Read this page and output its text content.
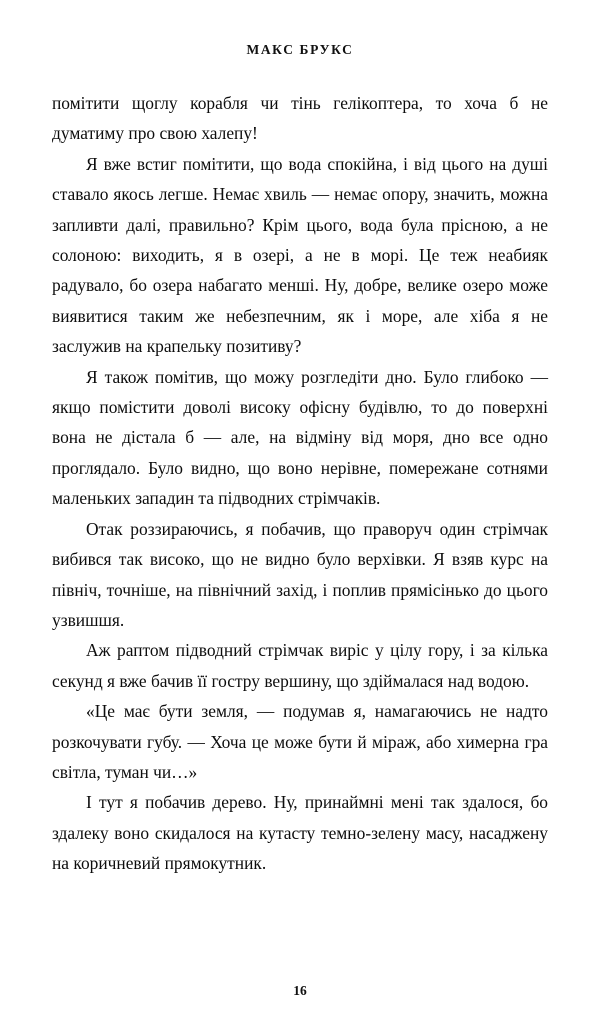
МАКС БРУКС

помітити щоглу корабля чи тінь гелікоптера, то хоча б не думатиму про свою халепу!

Я вже встиг помітити, що вода спокійна, і від цього на душі ставало якось легше. Немає хвиль — немає опору, значить, можна запливти далі, правильно? Крім цього, вода була прісною, а не солоною: виходить, я в озері, а не в морі. Це теж неабияк радувало, бо озера набагато менші. Ну, добре, велике озеро може виявитися таким же небезпечним, як і море, але хіба я не заслужив на крапельку позитиву?

Я також помітив, що можу розгледіти дно. Було глибоко — якщо помістити доволі високу офісну будівлю, то до поверхні вона не дістала б — але, на відміну від моря, дно все одно проглядало. Було видно, що воно нерівне, помережане сотнями маленьких западин та підводних стрімчаків.

Отак роззираючись, я побачив, що праворуч один стрімчак вибився так високо, що не видно було верхівки. Я взяв курс на північ, точніше, на північний захід, і поплив прямісінько до цього узвишшя.

Аж раптом підводний стрімчак виріс у цілу гору, і за кілька секунд я вже бачив її гостру вершину, що здіймалася над водою.

«Це має бути земля, — подумав я, намагаючись не надто розкочувати губу. — Хоча це може бути й міраж, або химерна гра світла, туман чи…»

І тут я побачив дерево. Ну, принаймні мені так здалося, бо здалеку воно скидалося на кутасту темно-зелену масу, насаджену на коричневий прямокутник.

16
